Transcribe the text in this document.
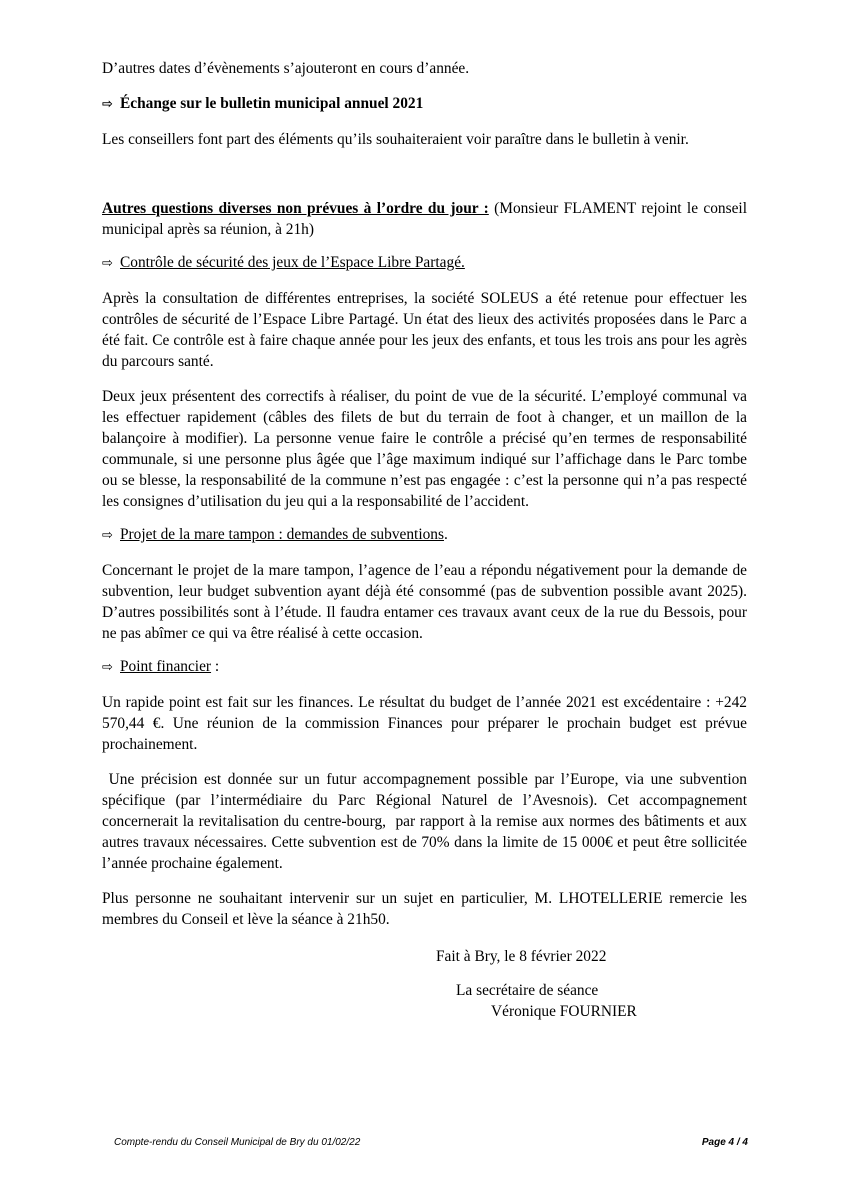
D’autres dates d’évènements s’ajouteront en cours d’année.

⇨ Échange sur le bulletin municipal annuel 2021

Les conseillers font part des éléments qu’ils souhaiteraient voir paraître dans le bulletin à venir.

Autres questions diverses non prévues à l’ordre du jour : (Monsieur FLAMENT rejoint le conseil municipal après sa réunion, à 21h)

⇨ Contrôle de sécurité des jeux de l’Espace Libre Partagé.

Après la consultation de différentes entreprises, la société SOLEUS a été retenue pour effectuer les contrôles de sécurité de l’Espace Libre Partagé. Un état des lieux des activités proposées dans le Parc a été fait. Ce contrôle est à faire chaque année pour les jeux des enfants, et tous les trois ans pour les agrès du parcours santé.

Deux jeux présentent des correctifs à réaliser, du point de vue de la sécurité. L’employé communal va les effectuer rapidement (câbles des filets de but du terrain de foot à changer, et un maillon de la balançoire à modifier). La personne venue faire le contrôle a précisé qu’en termes de responsabilité communale, si une personne plus âgée que l’âge maximum indiqué sur l’affichage dans le Parc tombe ou se blesse, la responsabilité de la commune n’est pas engagée : c’est la personne qui n’a pas respecté les consignes d’utilisation du jeu qui a la responsabilité de l’accident.

⇨ Projet de la mare tampon : demandes de subventions.

Concernant le projet de la mare tampon, l’agence de l’eau a répondu négativement pour la demande de subvention, leur budget subvention ayant déjà été consommé (pas de subvention possible avant 2025). D’autres possibilités sont à l’étude. Il faudra entamer ces travaux avant ceux de la rue du Bessois, pour ne pas abîmer ce qui va être réalisé à cette occasion.

⇨ Point financier :

Un rapide point est fait sur les finances. Le résultat du budget de l’année 2021 est excédentaire : +242 570,44 €. Une réunion de la commission Finances pour préparer le prochain budget est prévue prochainement.

Une précision est donnée sur un futur accompagnement possible par l’Europe, via une subvention spécifique (par l’intermédiaire du Parc Régional Naturel de l’Avesnois). Cet accompagnement concernerait la revitalisation du centre-bourg,  par rapport à la remise aux normes des bâtiments et aux autres travaux nécessaires. Cette subvention est de 70% dans la limite de 15 000€ et peut être sollicitée l’année prochaine également.

Plus personne ne souhaitant intervenir sur un sujet en particulier, M. LHOTELLERIE remercie les membres du Conseil et lève la séance à 21h50.

Fait à Bry, le 8 février 2022
La secrétaire de séance
Véronique FOURNIER
Compte-rendu du Conseil Municipal de Bry du 01/02/22	Page 4 / 4
